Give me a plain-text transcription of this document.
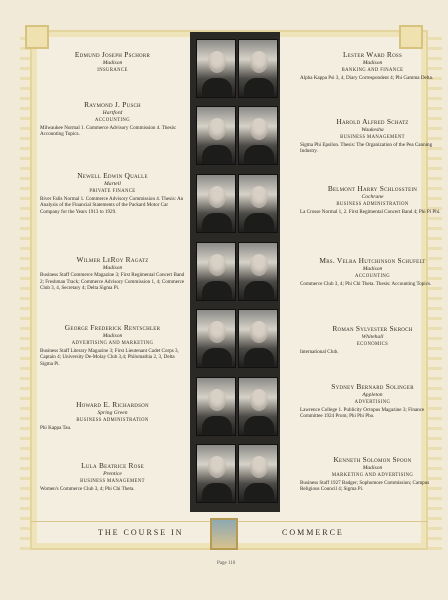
Edmund Joseph Pschorr
Madison
INSURANCE
Raymond J. Pusch
Hartford
ACCOUNTING
Milwaukee Normal 1. Commerce Advisory Commission 4. Thesis: Accounting Topics.
Newell Edwin Qualle
Martell
PRIVATE FINANCE
River Falls Normal 1. Commerce Advisory Commission 4. Thesis: An Analysis of the Financial Statements of the Packard Motor Car Company for the Years 1913 to 1929.
Wilmer LeRoy Ragatz
Madison
Business Staff Commerce Magazine 3; First Regimental Concert Band 2; Freshman Track; Commerce Advisory Commission 1, 4; Commerce Club 3, 4, Secretary 4; Delta Sigma Pi.
George Frederick Rentschler
Madison
ADVERTISING AND MARKETING
Business Staff Literary Magazine 3; First Lieutenant Cadet Corps 3, Captain 4; University De-Molay Club 3,4; Philomathia 2, 3, Delta Sigma Pi.
Howard E. Richardson
Spring Green
BUSINESS ADMINISTRATION
Phi Kappa Tau.
Lula Beatrice Rose
Prentice
BUSINESS MANAGEMENT
Women's Commerce Club 3, 4; Phi Chi Theta.
Lester Ward Ross
Madison
BANKING AND FINANCE
Alpha Kappa Psi 3, 4, Diary Correspondent 4; Phi Gamma Delta.
Harold Alfred Schatz
Waukesha
BUSINESS MANAGEMENT
Sigma Phi Epsilon. Thesis: The Organization of the Pea Canning Industry.
Belmont Harry Schlosstein
Cochrane
BUSINESS ADMINISTRATION
La Crosse Normal 1, 2. First Regimental Concert Band 4; Phi Pi Phi.
Mrs. Velra Hutchinson Schufelt
Madison
ACCOUNTING
Commerce Club 3, 4; Phi Chi Theta. Thesis: Accounting Topics.
Roman Sylvester Skroch
Whitehall
ECONOMICS
International Club.
Sydney Bernard Solinger
Appleton
ADVERTISING
Lawrence College 1. Publicity Octopus Magazine 3; Finance Committee 1924 Prom; Phi Phi Pho.
Kenneth Solomon Spoon
Madison
MARKETING AND ADVERTISING
Business Staff 1927 Badger; Sophomore Commission; Campus Religious Council 4; Sigma Pi.
THE COURSE IN	COMMERCE
Page 110
